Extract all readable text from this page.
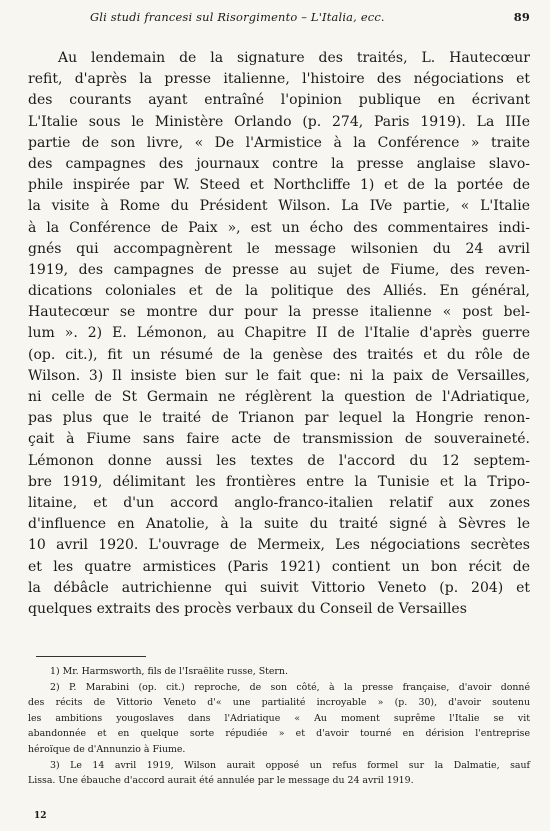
Gli studi francesi sul Risorgimento – L'Italia, ecc.	89
Au lendemain de la signature des traités, L. Hautecœur
refit, d'après la presse italienne, l'histoire des négociations et
des courants ayant entraîné l'opinion publique en écrivant
L'Italie sous le Ministère Orlando (p. 274, Paris 1919). La IIIe
partie de son livre, « De l'Armistice à la Conférence » traite
des campagnes des journaux contre la presse anglaise slavo-
phile inspirée par W. Steed et Northcliffe 1) et de la portée de
la visite à Rome du Président Wilson. La IVe partie, « L'Italie
à la Conférence de Paix », est un écho des commentaires indi-
gnés qui accompagnèrent le message wilsonien du 24 avril
1919, des campagnes de presse au sujet de Fiume, des reven-
dications coloniales et de la politique des Alliés. En général,
Hautecœur se montre dur pour la presse italienne « post bel-
lum ». 2) E. Lémonon, au Chapitre II de l'Italie d'après guerre
(op. cit.), fit un résumé de la genèse des traités et du rôle de
Wilson. 3) Il insiste bien sur le fait que: ni la paix de Versailles,
ni celle de St Germain ne réglèrent la question de l'Adriatique,
pas plus que le traité de Trianon par lequel la Hongrie renon-
çait à Fiume sans faire acte de transmission de souveraineté.
Lémonon donne aussi les textes de l'accord du 12 septem-
bre 1919, délimitant les frontières entre la Tunisie et la Tripo-
litaine, et d'un accord anglo-franco-italien relatif aux zones
d'influence en Anatolie, à la suite du traité signé à Sèvres le
10 avril 1920. L'ouvrage de Mermeix, Les négociations secrètes
et les quatre armistices (Paris 1921) contient un bon récit de
la débâcle autrichienne qui suivit Vittorio Veneto (p. 204) et
quelques extraits des procès verbaux du Conseil de Versailles
1) Mr. Harmsworth, fils de l'Israëlite russe, Stern.
2) P. Marabini (op. cit.) reproche, de son côté, à la presse française, d'avoir donné
des récits de Vittorio Veneto d'« une partialité incroyable » (p. 30), d'avoir soutenu
les ambitions yougoslaves dans l'Adriatique « Au moment suprême l'Italie se vit
abandonnée et en quelque sorte répudiée » et d'avoir tourné en dérision l'entreprise
héroïque de d'Annunzio à Fiume.
3) Le 14 avril 1919, Wilson aurait opposé un refus formel sur la Dalmatie, sauf
Lissa. Une ébauche d'accord aurait été annulée par le message du 24 avril 1919.
12
